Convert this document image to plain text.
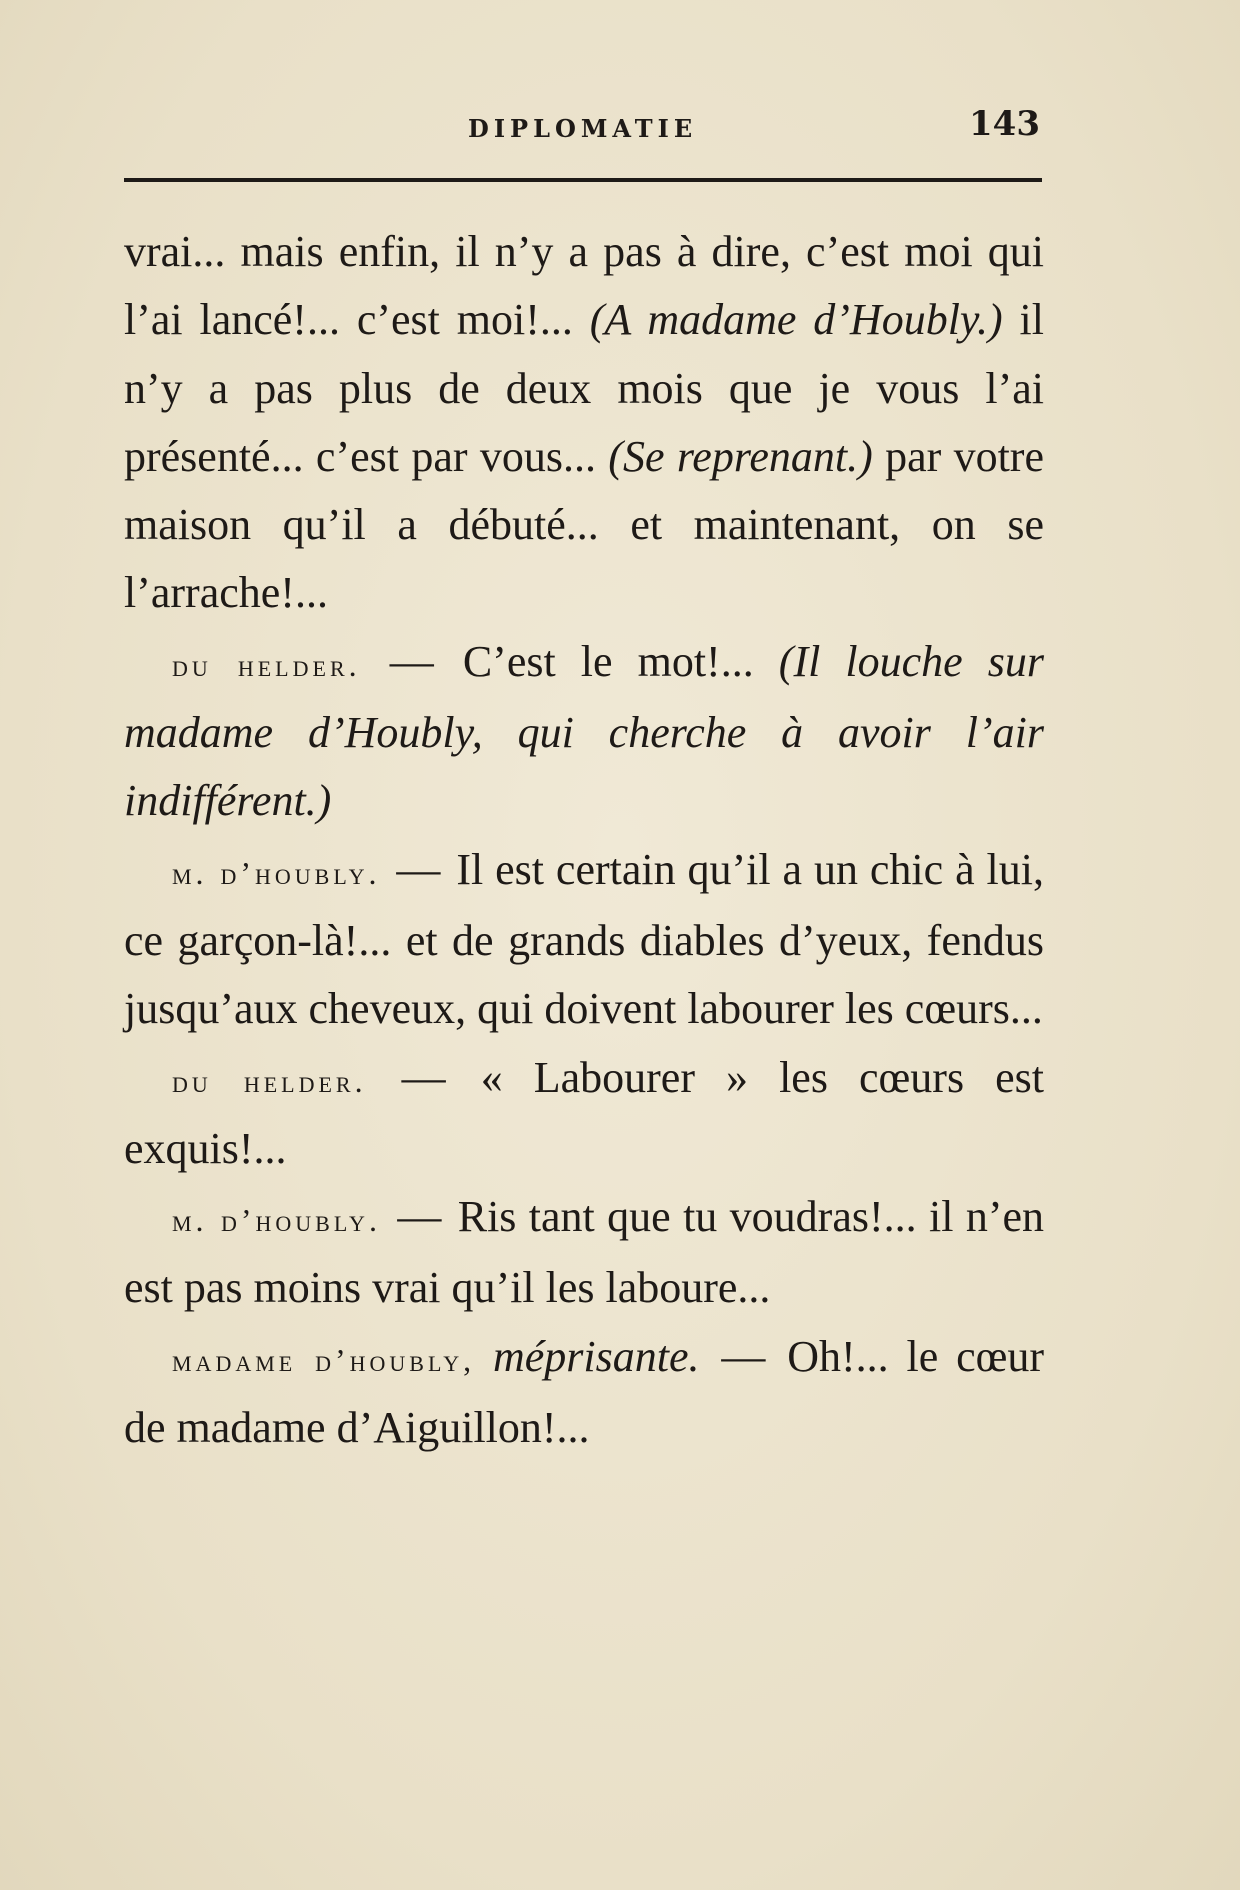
DIPLOMATIE	143

vrai... mais enfin, il n’y a pas à dire, c’est moi qui l’ai lancé!... c’est moi!... (A madame d’Houbly.) il n’y a pas plus de deux mois que je vous l’ai présenté... c’est par vous... (Se reprenant.) par votre maison qu’il a débuté... et maintenant, on se l’arrache!...

du helder. — C’est le mot!... (Il louche sur madame d’Houbly, qui cherche à avoir l’air indifférent.)

m. d’houbly. — Il est certain qu’il a un chic à lui, ce garçon-là!... et de grands diables d’yeux, fendus jusqu’aux cheveux, qui doivent labourer les cœurs...

du helder. — « Labourer » les cœurs est exquis!...

m. d’houbly. — Ris tant que tu voudras!... il n’en est pas moins vrai qu’il les laboure...

madame d’houbly, méprisante. — Oh!... le cœur de madame d’Aiguillon!...
